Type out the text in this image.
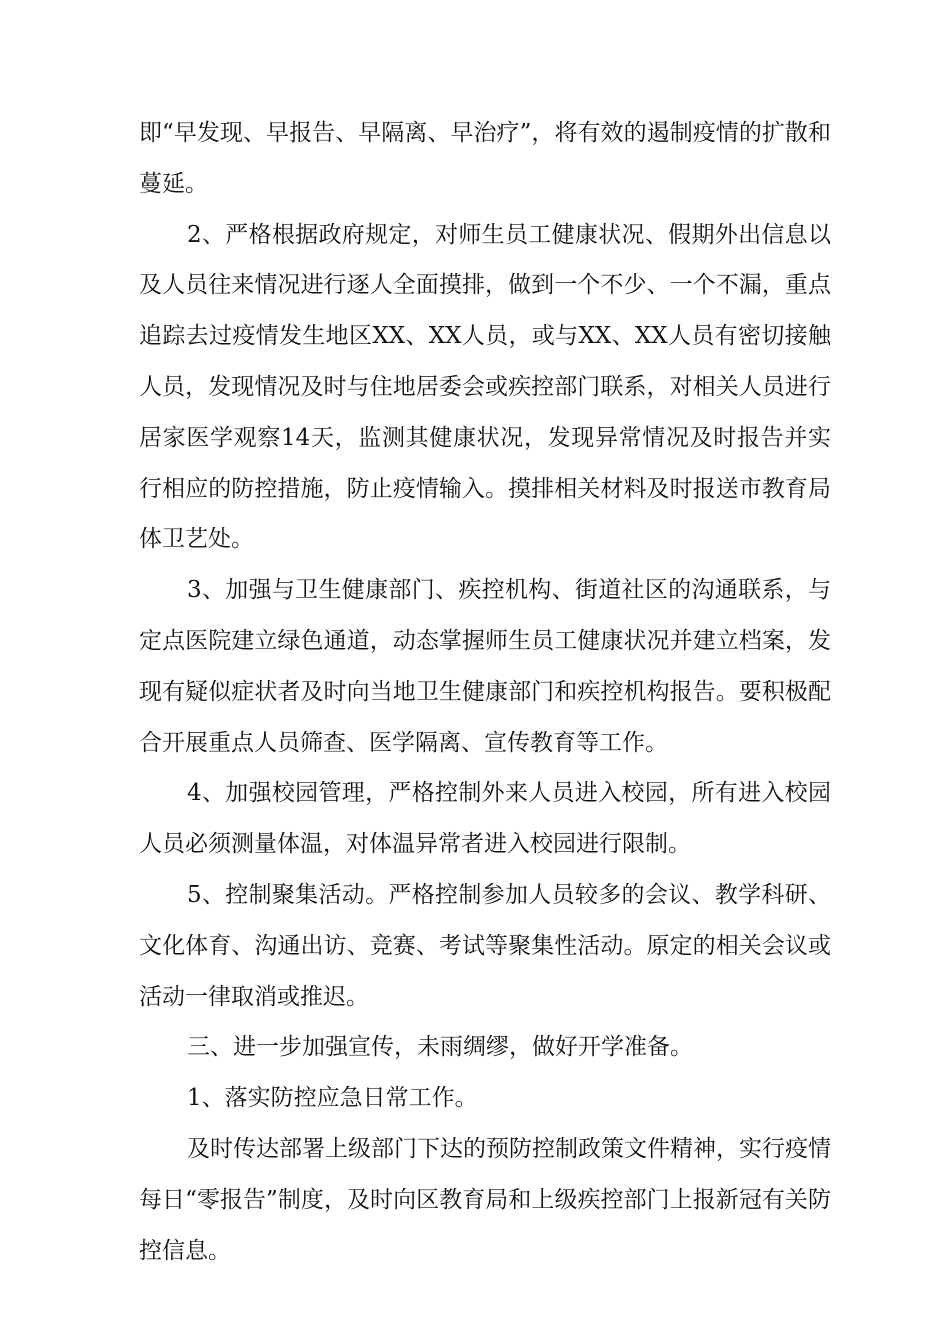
即“早发现、早报告、早隔离、早治疗”，将有效的遏制疫情的扩散和蔓延。

2、严格根据政府规定，对师生员工健康状况、假期外出信息以及人员往来情况进行逐人全面摸排，做到一个不少、一个不漏，重点追踪去过疫情发生地区XX、XX人员，或与XX、XX人员有密切接触人员，发现情况及时与住地居委会或疾控部门联系，对相关人员进行居家医学观察14天，监测其健康状况，发现异常情况及时报告并实行相应的防控措施，防止疫情输入。摸排相关材料及时报送市教育局体卫艺处。

3、加强与卫生健康部门、疾控机构、街道社区的沟通联系，与定点医院建立绿色通道，动态掌握师生员工健康状况并建立档案，发现有疑似症状者及时向当地卫生健康部门和疾控机构报告。要积极配合开展重点人员筛查、医学隔离、宣传教育等工作。

4、加强校园管理，严格控制外来人员进入校园，所有进入校园人员必须测量体温，对体温异常者进入校园进行限制。

5、控制聚集活动。严格控制参加人员较多的会议、教学科研、文化体育、沟通出访、竞赛、考试等聚集性活动。原定的相关会议或活动一律取消或推迟。

三、进一步加强宣传，未雨绸缪，做好开学准备。

1、落实防控应急日常工作。

及时传达部署上级部门下达的预防控制政策文件精神，实行疫情每日“零报告”制度，及时向区教育局和上级疾控部门上报新冠有关防控信息。
